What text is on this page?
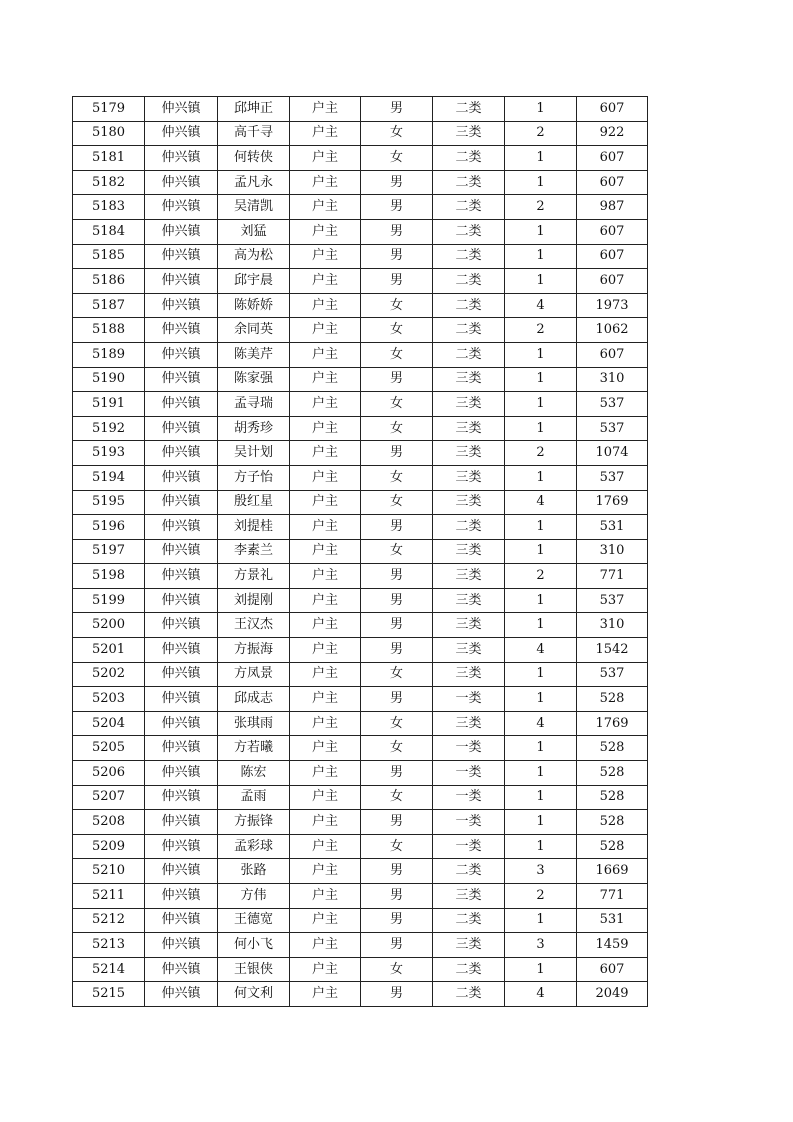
5179	仲兴镇	邱坤正	户主	男	二类	1	607
5180	仲兴镇	高千寻	户主	女	三类	2	922
5181	仲兴镇	何转侠	户主	女	二类	1	607
5182	仲兴镇	孟凡永	户主	男	二类	1	607
5183	仲兴镇	吴清凯	户主	男	二类	2	987
5184	仲兴镇	刘猛	户主	男	二类	1	607
5185	仲兴镇	高为松	户主	男	二类	1	607
5186	仲兴镇	邱宇晨	户主	男	二类	1	607
5187	仲兴镇	陈娇娇	户主	女	二类	4	1973
5188	仲兴镇	余同英	户主	女	二类	2	1062
5189	仲兴镇	陈美芹	户主	女	二类	1	607
5190	仲兴镇	陈家强	户主	男	三类	1	310
5191	仲兴镇	孟寻瑞	户主	女	三类	1	537
5192	仲兴镇	胡秀珍	户主	女	三类	1	537
5193	仲兴镇	吴计划	户主	男	三类	2	1074
5194	仲兴镇	方子怡	户主	女	三类	1	537
5195	仲兴镇	殷红星	户主	女	三类	4	1769
5196	仲兴镇	刘提桂	户主	男	二类	1	531
5197	仲兴镇	李素兰	户主	女	三类	1	310
5198	仲兴镇	方景礼	户主	男	三类	2	771
5199	仲兴镇	刘提刚	户主	男	三类	1	537
5200	仲兴镇	王汉杰	户主	男	三类	1	310
5201	仲兴镇	方振海	户主	男	三类	4	1542
5202	仲兴镇	方凤景	户主	女	三类	1	537
5203	仲兴镇	邱成志	户主	男	一类	1	528
5204	仲兴镇	张琪雨	户主	女	三类	4	1769
5205	仲兴镇	方若曦	户主	女	一类	1	528
5206	仲兴镇	陈宏	户主	男	一类	1	528
5207	仲兴镇	孟雨	户主	女	一类	1	528
5208	仲兴镇	方振锋	户主	男	一类	1	528
5209	仲兴镇	孟彩球	户主	女	一类	1	528
5210	仲兴镇	张路	户主	男	二类	3	1669
5211	仲兴镇	方伟	户主	男	三类	2	771
5212	仲兴镇	王德宽	户主	男	二类	1	531
5213	仲兴镇	何小飞	户主	男	三类	3	1459
5214	仲兴镇	王银侠	户主	女	二类	1	607
5215	仲兴镇	何文利	户主	男	二类	4	2049
